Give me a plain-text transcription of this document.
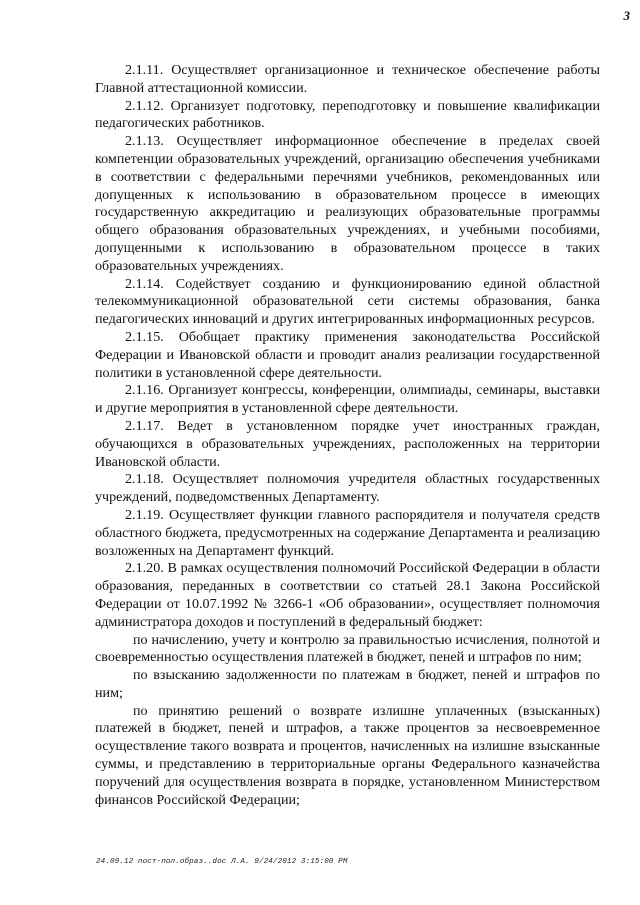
3

2.1.11. Осуществляет организационное и техническое обеспечение работы Главной аттестационной комиссии.

2.1.12. Организует подготовку, переподготовку и повышение квалификации педагогических работников.

2.1.13. Осуществляет информационное обеспечение в пределах своей компетенции образовательных учреждений, организацию обеспечения учебниками в соответствии с федеральными перечнями учебников, рекомендованных или допущенных к использованию в образовательном процессе в имеющих государственную аккредитацию и реализующих образовательные программы общего образования образовательных учреждениях, и учебными пособиями, допущенными к использованию в образовательном процессе в таких образовательных учреждениях.

2.1.14. Содействует созданию и функционированию единой областной телекоммуникационной образовательной сети системы образования, банка педагогических инноваций и других интегрированных информационных ресурсов.

2.1.15. Обобщает практику применения законодательства Российской Федерации и Ивановской области и проводит анализ реализации государственной политики в установленной сфере деятельности.

2.1.16. Организует конгрессы, конференции, олимпиады, семинары, выставки и другие мероприятия в установленной сфере деятельности.

2.1.17. Ведет в установленном порядке учет иностранных граждан, обучающихся в образовательных учреждениях, расположенных на территории Ивановской области.

2.1.18. Осуществляет полномочия учредителя областных государственных учреждений, подведомственных Департаменту.

2.1.19. Осуществляет функции главного распорядителя и получателя средств областного бюджета, предусмотренных на содержание Департамента и реализацию возложенных на Департамент функций.

2.1.20. В рамках осуществления полномочий Российской Федерации в области образования, переданных в соответствии со статьей 28.1 Закона Российской Федерации от 10.07.1992 № 3266-1 «Об образовании», осуществляет полномочия администратора доходов и поступлений в федеральный бюджет:

по начислению, учету и контролю за правильностью исчисления, полнотой и своевременностью осуществления платежей в бюджет, пеней и штрафов по ним;

по взысканию задолженности по платежам в бюджет, пеней и штрафов по ним;

по принятию решений о возврате излишне уплаченных (взысканных) платежей в бюджет, пеней и штрафов, а также процентов за несвоевременное осуществление такого возврата и процентов, начисленных на излишне взысканные суммы, и представлению в территориальные органы Федерального казначейства поручений для осуществления возврата в порядке, установленном Министерством финансов Российской Федерации;

24.09.12 пост-пол.образ..doc Л.А. 9/24/2012 3:15:00 PM
